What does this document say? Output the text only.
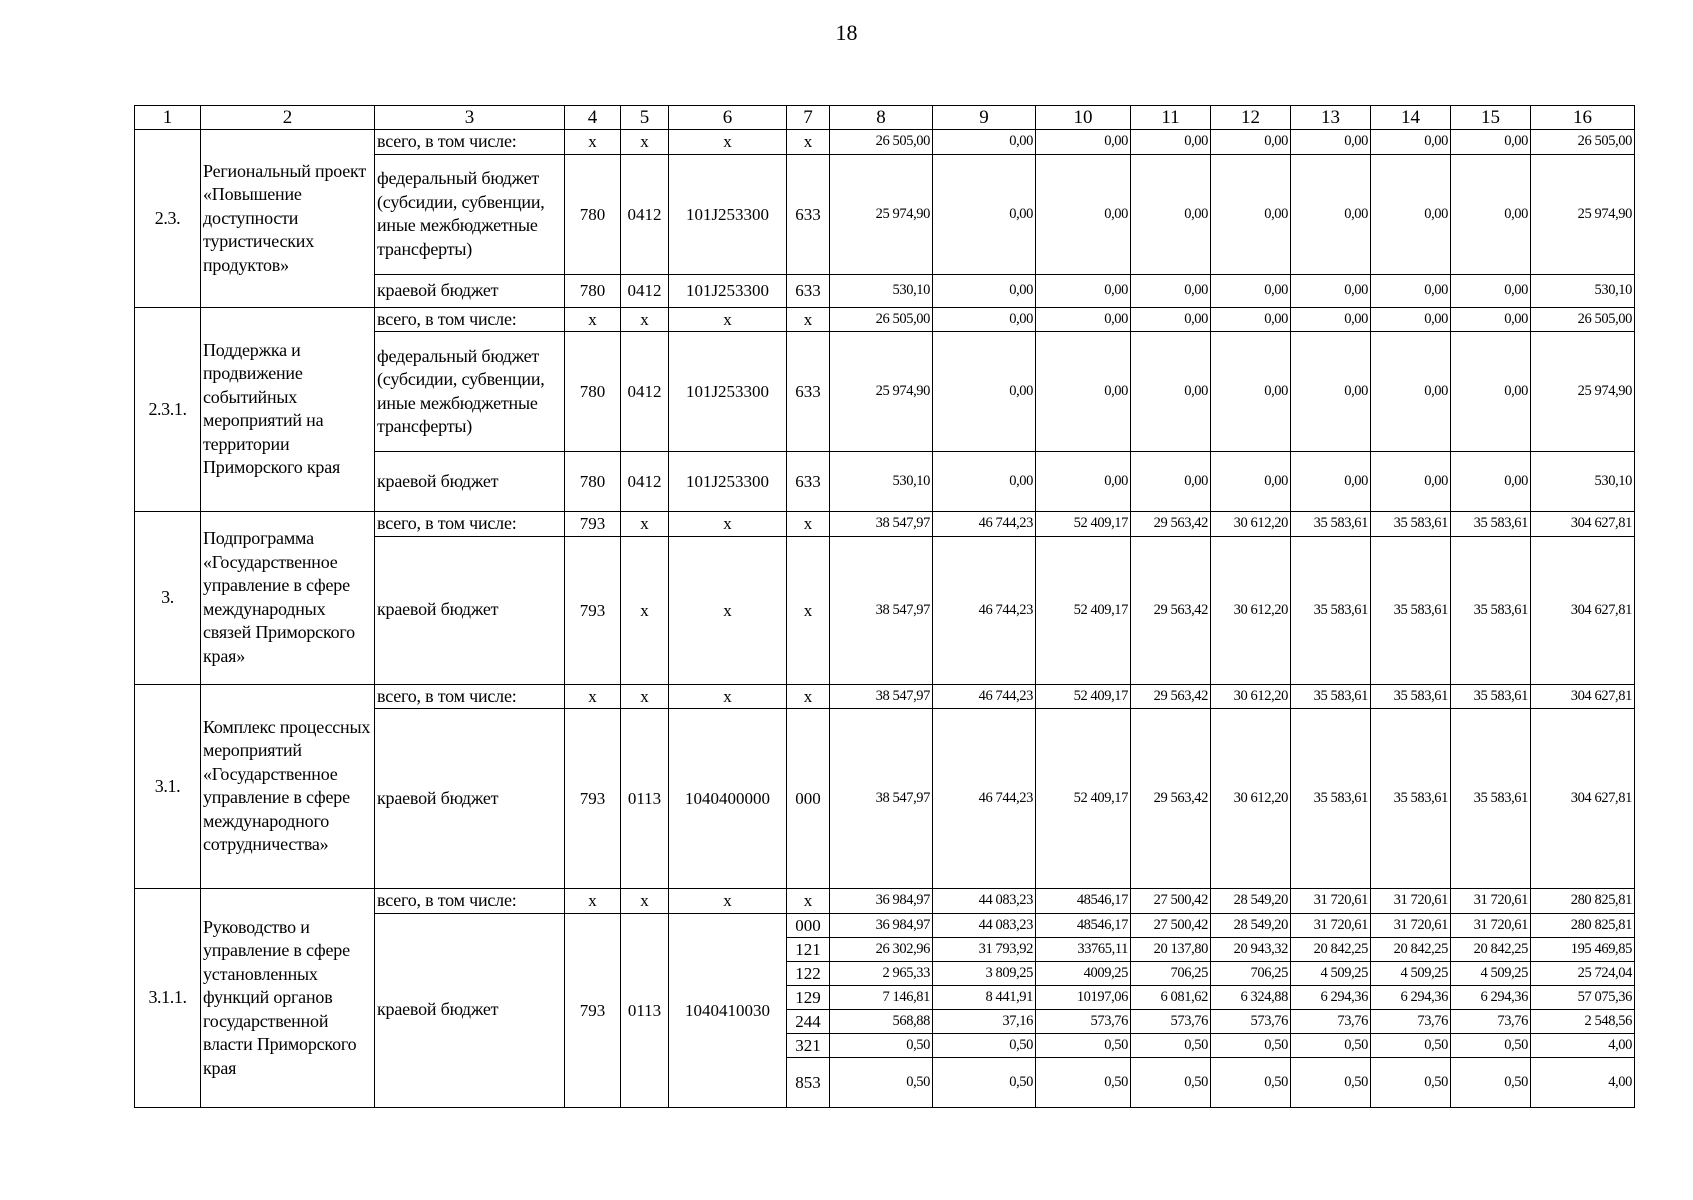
18
1	2	3	4	5	6	7	8	9	10	11	12	13	14	15	16
2.3.	Региональный проект «Повышение доступности туристических продуктов»	всего, в том числе:	x	x	x	x	26 505,00	0,00	0,00	0,00	0,00	0,00	0,00	0,00	26 505,00
		федеральный бюджет (субсидии, субвенции, иные межбюджетные трансферты)	780	0412	101J253300	633	25 974,90	0,00	0,00	0,00	0,00	0,00	0,00	0,00	25 974,90
		краевой бюджет	780	0412	101J253300	633	530,10	0,00	0,00	0,00	0,00	0,00	0,00	0,00	530,10
2.3.1.	Поддержка и продвижение событийных мероприятий на территории Приморского края	всего, в том числе:	x	x	x	x	26 505,00	0,00	0,00	0,00	0,00	0,00	0,00	0,00	26 505,00
		федеральный бюджет (субсидии, субвенции, иные межбюджетные трансферты)	780	0412	101J253300	633	25 974,90	0,00	0,00	0,00	0,00	0,00	0,00	0,00	25 974,90
		краевой бюджет	780	0412	101J253300	633	530,10	0,00	0,00	0,00	0,00	0,00	0,00	0,00	530,10
3.	Подпрограмма «Государственное управление в сфере международных связей Приморского края»	всего, в том числе:	793	x	x	x	38 547,97	46 744,23	52 409,17	29 563,42	30 612,20	35 583,61	35 583,61	35 583,61	304 627,81
		краевой бюджет	793	x	x	x	38 547,97	46 744,23	52 409,17	29 563,42	30 612,20	35 583,61	35 583,61	35 583,61	304 627,81
3.1.	Комплекс процессных мероприятий «Государственное управление в сфере международного сотрудничества»	всего, в том числе:	x	x	x	x	38 547,97	46 744,23	52 409,17	29 563,42	30 612,20	35 583,61	35 583,61	35 583,61	304 627,81
		краевой бюджет	793	0113	1040400000	000	38 547,97	46 744,23	52 409,17	29 563,42	30 612,20	35 583,61	35 583,61	35 583,61	304 627,81
3.1.1.	Руководство и управление в сфере установленных функций органов государственной власти Приморского края	всего, в том числе:	x	x	x	x	36 984,97	44 083,23	48546,17	27 500,42	28 549,20	31 720,61	31 720,61	31 720,61	280 825,81
		краевой бюджет	793	0113	1040410030	000	36 984,97	44 083,23	48546,17	27 500,42	28 549,20	31 720,61	31 720,61	31 720,61	280 825,81
						121	26 302,96	31 793,92	33765,11	20 137,80	20 943,32	20 842,25	20 842,25	20 842,25	195 469,85
						122	2 965,33	3 809,25	4009,25	706,25	706,25	4 509,25	4 509,25	4 509,25	25 724,04
						129	7 146,81	8 441,91	10197,06	6 081,62	6 324,88	6 294,36	6 294,36	6 294,36	57 075,36
						244	568,88	37,16	573,76	573,76	573,76	73,76	73,76	73,76	2 548,56
						321	0,50	0,50	0,50	0,50	0,50	0,50	0,50	0,50	4,00
						853	0,50	0,50	0,50	0,50	0,50	0,50	0,50	0,50	4,00
